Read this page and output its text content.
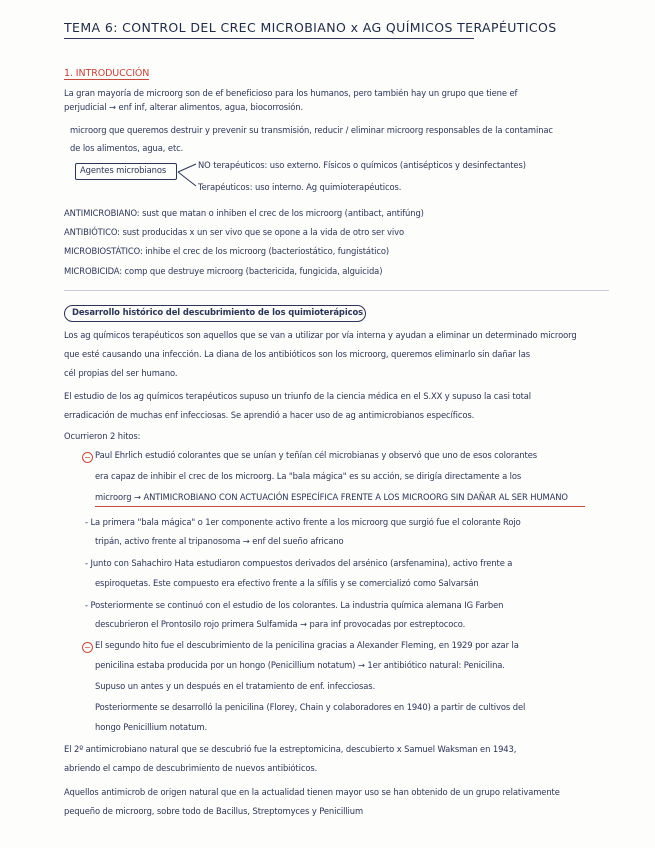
TEMA 6: CONTROL DEL CREC MICROBIANO x AG QUÍMICOS TERAPÉUTICOS
1. INTRODUCCIÓN
La gran mayoría de microorg son de ef beneficioso para los humanos, pero también hay un grupo que tiene ef
perjudicial → enf inf, alterar alimentos, agua, biocorrosión.
microorg que queremos destruir y prevenir su transmisión, reducir / eliminar microorg responsables de la contaminac
de los alimentos, agua, etc.
Agentes microbianos	NO terapéuticos: uso externo. Físicos o químicos (antisépticos y desinfectantes)
Terapéuticos: uso interno. Ag quimioterapéuticos.
ANTIMICROBIANO: sust que matan o inhiben el crec de los microorg (antibact, antifúng)
ANTIBIÓTICO: sust producidas x un ser vivo que se opone a la vida de otro ser vivo
MICROBIOSTÁTICO: inhibe el crec de los microorg (bacteriostático, fungistático)
MICROBICIDA: comp que destruye microorg (bactericida, fungicida, alguicida)
Desarrollo histórico del descubrimiento de los quimioterápicos
Los ag químicos terapéuticos son aquellos que se van a utilizar por vía interna y ayudan a eliminar un determinado microorg
que esté causando una infección. La diana de los antibióticos son los microorg, queremos eliminarlo sin dañar las
cél propias del ser humano.
El estudio de los ag químicos terapéuticos supuso un triunfo de la ciencia médica en el S.XX y supuso la casi total
erradicación de muchas enf infecciosas. Se aprendió a hacer uso de ag antimicrobianos específicos.
Ocurrieron 2 hitos:
− Paul Ehrlich estudió colorantes que se unían y teñían cél microbianas y observó que uno de esos colorantes
era capaz de inhibir el crec de los microorg. La "bala mágica" es su acción, se dirigía directamente a los
microorg → ANTIMICROBIANO CON ACTUACIÓN ESPECÍFICA FRENTE A LOS MICROORG SIN DAÑAR AL SER HUMANO
- La primera "bala mágica" o 1er componente activo frente a los microorg que surgió fue el colorante Rojo
tripán, activo frente al tripanosoma → enf del sueño africano
- Junto con Sahachiro Hata estudiaron compuestos derivados del arsénico (arsfenamina), activo frente a
espiroquetas. Este compuesto era efectivo frente a la sífilis y se comercializó como Salvarsán
- Posteriormente se continuó con el estudio de los colorantes. La industria química alemana IG Farben
descubrieron el Prontosilo rojo primera Sulfamida → para inf provocadas por estreptococo.
− El segundo hito fue el descubrimiento de la penicilina gracias a Alexander Fleming, en 1929 por azar la
penicilina estaba producida por un hongo (Penicillium notatum) → 1er antibiótico natural: Penicilina.
Supuso un antes y un después en el tratamiento de enf. infecciosas.
Posteriormente se desarrolló la penicilina (Florey, Chain y colaboradores en 1940) a partir de cultivos del
hongo Penicillium notatum.
El 2º antimicrobiano natural que se descubrió fue la estreptomicina, descubierto x Samuel Waksman en 1943,
abriendo el campo de descubrimiento de nuevos antibióticos.
Aquellos antimicrob de origen natural que en la actualidad tienen mayor uso se han obtenido de un grupo relativamente
pequeño de microorg, sobre todo de Bacillus, Streptomyces y Penicillium
